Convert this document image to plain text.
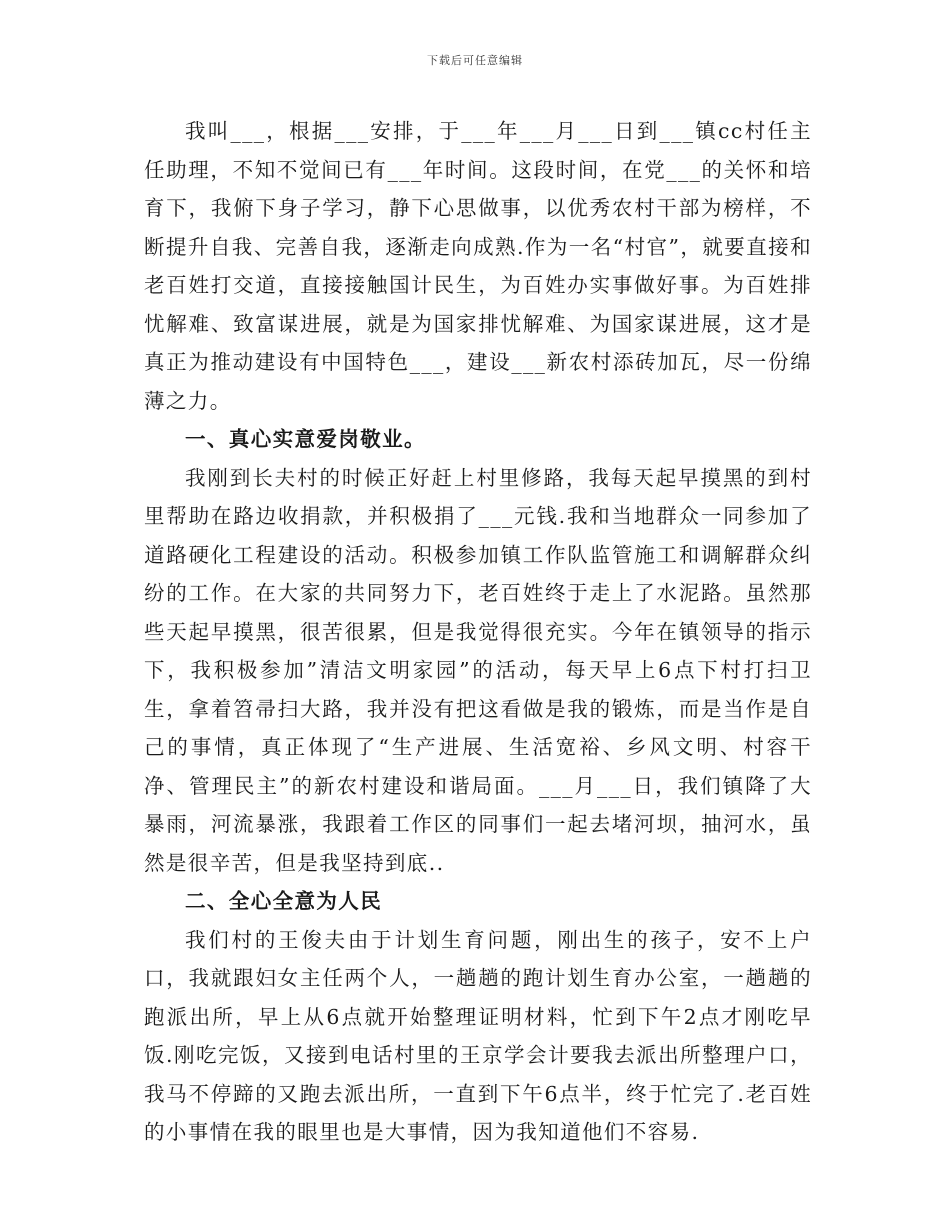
下载后可任意编辑

我叫___，根据___安排，于___年___月___日到___镇cc村任主任助理，不知不觉间已有___年时间。这段时间，在党___的关怀和培育下，我俯下身子学习，静下心思做事，以优秀农村干部为榜样，不断提升自我、完善自我，逐渐走向成熟.作为一名“村官”，就要直接和老百姓打交道，直接接触国计民生，为百姓办实事做好事。为百姓排忧解难、致富谋进展，就是为国家排忧解难、为国家谋进展，这才是真正为推动建设有中国特色___，建设___新农村添砖加瓦，尽一份绵薄之力。

一、真心实意爱岗敬业。

我刚到长夫村的时候正好赶上村里修路，我每天起早摸黑的到村里帮助在路边收捐款，并积极捐了___元钱.我和当地群众一同参加了道路硬化工程建设的活动。积极参加镇工作队监管施工和调解群众纠纷的工作。在大家的共同努力下，老百姓终于走上了水泥路。虽然那些天起早摸黑，很苦很累，但是我觉得很充实。今年在镇领导的指示下，我积极参加”清洁文明家园”的活动，每天早上6点下村打扫卫生，拿着笤帚扫大路，我并没有把这看做是我的锻炼，而是当作是自己的事情，真正体现了“生产进展、生活宽裕、乡风文明、村容干净、管理民主”的新农村建设和谐局面。___月___日，我们镇降了大暴雨，河流暴涨，我跟着工作区的同事们一起去堵河坝，抽河水，虽然是很辛苦，但是我坚持到底..

二、全心全意为人民

我们村的王俊夫由于计划生育问题，刚出生的孩子，安不上户口，我就跟妇女主任两个人，一趟趟的跑计划生育办公室，一趟趟的跑派出所，早上从6点就开始整理证明材料，忙到下午2点才刚吃早饭.刚吃完饭，又接到电话村里的王京学会计要我去派出所整理户口，我马不停蹄的又跑去派出所，一直到下午6点半，终于忙完了.老百姓的小事情在我的眼里也是大事情，因为我知道他们不容易.
